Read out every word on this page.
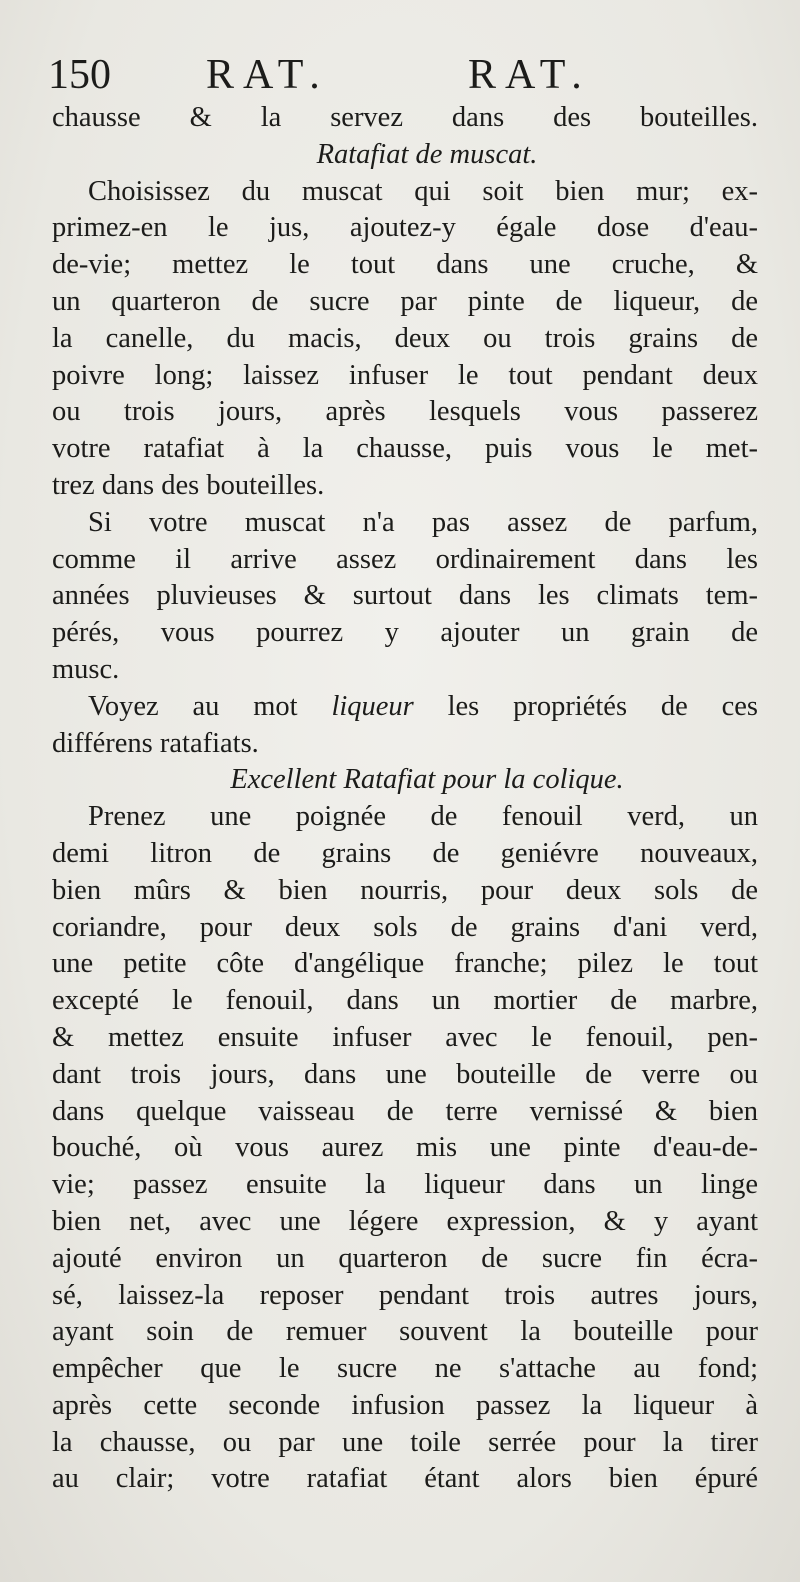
150 RAT.	RAT.
chausse & la servez dans des bouteilles.
Ratafiat de muscat.
Choisissez du muscat qui soit bien mur; ex-
primez-en le jus, ajoutez-y égale dose d'eau-
de-vie; mettez le tout dans une cruche, &
un quarteron de sucre par pinte de liqueur, de
la canelle, du macis, deux ou trois grains de
poivre long; laissez infuser le tout pendant deux
ou trois jours, après lesquels vous passerez
votre ratafiat à la chausse, puis vous le met-
trez dans des bouteilles.
Si votre muscat n'a pas assez de parfum,
comme il arrive assez ordinairement dans les
années pluvieuses & surtout dans les climats tem-
pérés, vous pourrez y ajouter un grain de
musc.
Voyez au mot liqueur les propriétés de ces
différens ratafiats.
Excellent Ratafiat pour la colique.
Prenez une poignée de fenouil verd, un
demi litron de grains de geniévre nouveaux,
bien mûrs & bien nourris, pour deux sols de
coriandre, pour deux sols de grains d'ani verd,
une petite côte d'angélique franche; pilez le tout
excepté le fenouil, dans un mortier de marbre,
& mettez ensuite infuser avec le fenouil, pen-
dant trois jours, dans une bouteille de verre ou
dans quelque vaisseau de terre vernissé & bien
bouché, où vous aurez mis une pinte d'eau-de-
vie; passez ensuite la liqueur dans un linge
bien net, avec une légere expression, & y ayant
ajouté environ un quarteron de sucre fin écra-
sé, laissez-la reposer pendant trois autres jours,
ayant soin de remuer souvent la bouteille pour
empêcher que le sucre ne s'attache au fond;
après cette seconde infusion passez la liqueur à
la chausse, ou par une toile serrée pour la tirer
au clair; votre ratafiat étant alors bien épuré
